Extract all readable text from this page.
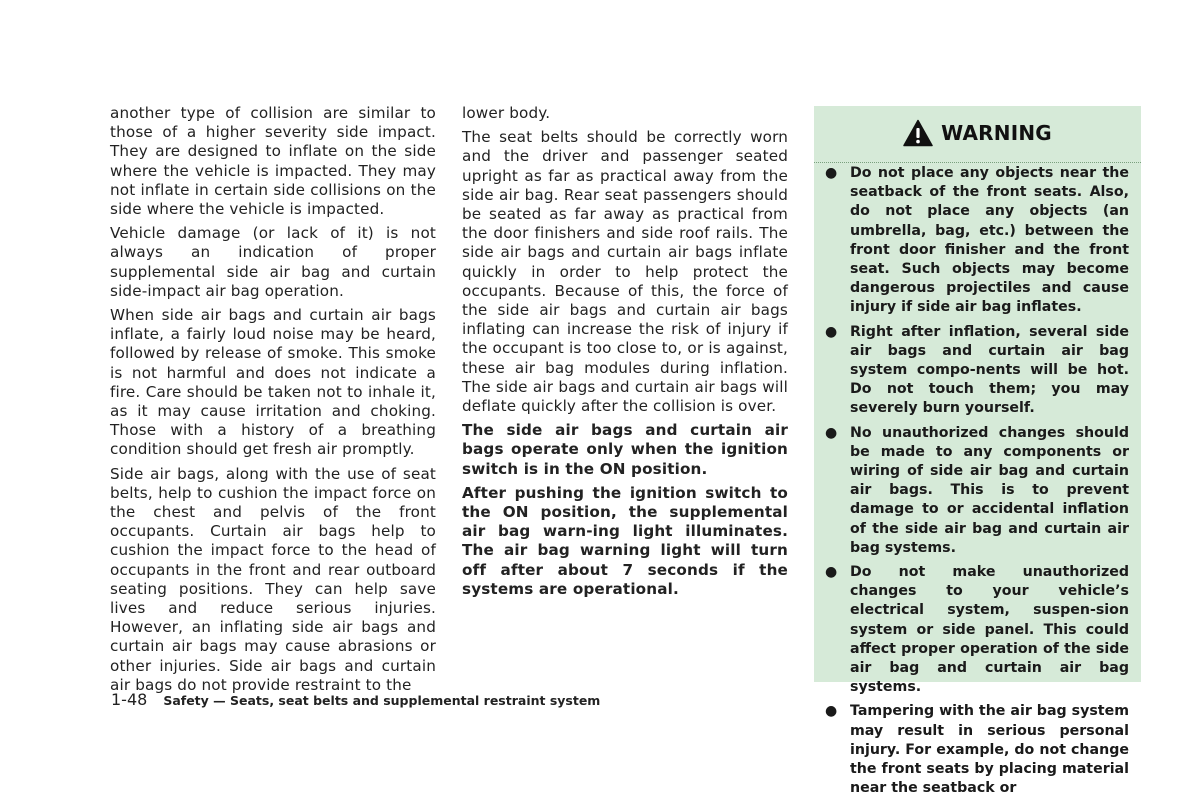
another type of collision are similar to those of a higher severity side impact. They are designed to inflate on the side where the vehicle is impacted. They may not inflate in certain side collisions on the side where the vehicle is impacted.

Vehicle damage (or lack of it) is not always an indication of proper supplemental side air bag and curtain side-impact air bag operation.

When side air bags and curtain air bags inflate, a fairly loud noise may be heard, followed by release of smoke. This smoke is not harmful and does not indicate a fire. Care should be taken not to inhale it, as it may cause irritation and choking. Those with a history of a breathing condition should get fresh air promptly.

Side air bags, along with the use of seat belts, help to cushion the impact force on the chest and pelvis of the front occupants. Curtain air bags help to cushion the impact force to the head of occupants in the front and rear outboard seating positions. They can help save lives and reduce serious injuries. However, an inflating side air bags and curtain air bags may cause abrasions or other injuries. Side air bags and curtain air bags do not provide restraint to the

lower body.

The seat belts should be correctly worn and the driver and passenger seated upright as far as practical away from the side air bag. Rear seat passengers should be seated as far away as practical from the door finishers and side roof rails. The side air bags and curtain air bags inflate quickly in order to help protect the occupants. Because of this, the force of the side air bags and curtain air bags inflating can increase the risk of injury if the occupant is too close to, or is against, these air bag modules during inflation. The side air bags and curtain air bags will deflate quickly after the collision is over.

The side air bags and curtain air bags operate only when the ignition switch is in the ON position.

After pushing the ignition switch to the ON position, the supplemental air bag warn-ing light illuminates. The air bag warning light will turn off after about 7 seconds if the systems are operational.

WARNING
● Do not place any objects near the seatback of the front seats. Also, do not place any objects (an umbrella, bag, etc.) between the front door finisher and the front seat. Such objects may become dangerous projectiles and cause injury if side air bag inflates.
● Right after inflation, several side air bags and curtain air bag system compo-nents will be hot. Do not touch them; you may severely burn yourself.
● No unauthorized changes should be made to any components or wiring of side air bag and curtain air bags. This is to prevent damage to or accidental inflation of the side air bag and curtain air bag systems.
● Do not make unauthorized changes to your vehicle’s electrical system, suspen-sion system or side panel. This could affect proper operation of the side air bag and curtain air bag systems.
● Tampering with the air bag system may result in serious personal injury. For example, do not change the front seats by placing material near the seatback or
1-48 Safety — Seats, seat belts and supplemental restraint system
